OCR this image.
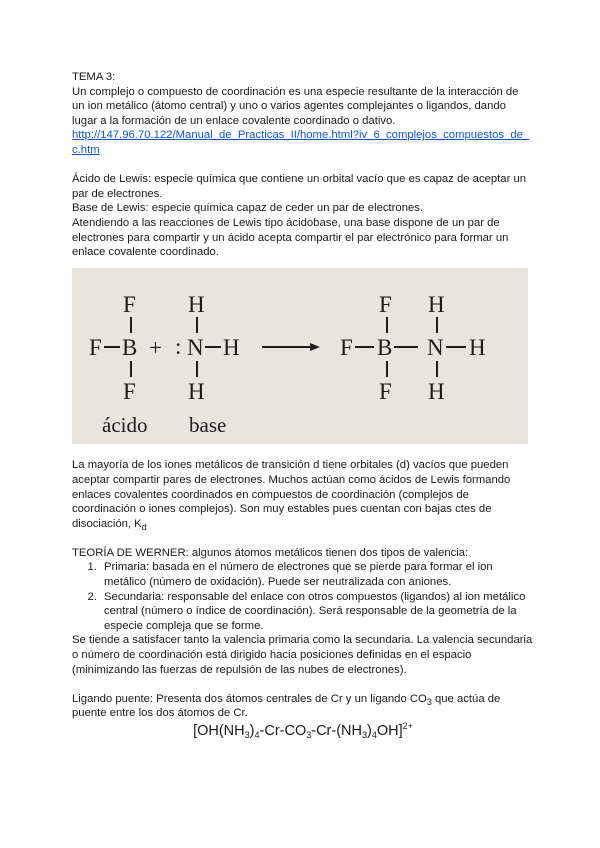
TEMA 3:

Un complejo o compuesto de coordinación es una especie resultante de la interacción de un ion metálico (átomo central) y uno o varios agentes complejantes o ligandos, dando lugar a la formación de un enlace covalente coordinado o dativo.

http://147.96.70.122/Manual_de_Practicas_II/home.html?iv_6_complejos_compuestos_de_c.htm

Ácido de Lewis: especie química que contiene un orbital vacío que es capaz de aceptar un par de electrones.

Base de Lewis: especie química capaz de ceder un par de electrones.

Atendiendo a las reacciones de Lewis tipo ácidobase, una base dispone de un par de electrones para compartir y un ácido acepta compartir el par electrónico para formar un enlace covalente coordinado.

F
F B
F
+
H
: N H
H
F
F B
F
H
N H
H
ácido base

La mayoría de los iones metálicos de transición d tiene orbitales (d) vacíos que pueden aceptar compartir pares de electrones. Muchos actúan como ácidos de Lewis formando enlaces covalentes coordinados en compuestos de coordinación (complejos de coordinación o iones complejos). Son muy estables pues cuentan con bajas ctes de disociación, $K_d$

TEORÍA DE WERNER: algunos átomos metálicos tienen dos tipos de valencia:

1. Primaria: basada en el número de electrones que se pierde para formar el ion metálico (número de oxidación). Puede ser neutralizada con aniones.
2. Secundaria: responsable del enlace con otros compuestos (ligandos) al ion metálico central (número o índice de coordinación). Será responsable de la geometría de la especie compleja que se forme.

Se tiende a satisfacer tanto la valencia primaria como la secundaria. La valencia secundaria o número de coordinación está dirigido hacia posiciones definidas en el espacio (minimizando las fuerzas de repulsión de las nubes de electrones).

Ligando puente: Presenta dos átomos centrales de Cr y un ligando $CO_3$ que actúa de puente entre los dos átomos de Cr.

$[OH(NH_3)_4-Cr-CO_3-Cr-(NH_3)_4OH]^{2+}$
